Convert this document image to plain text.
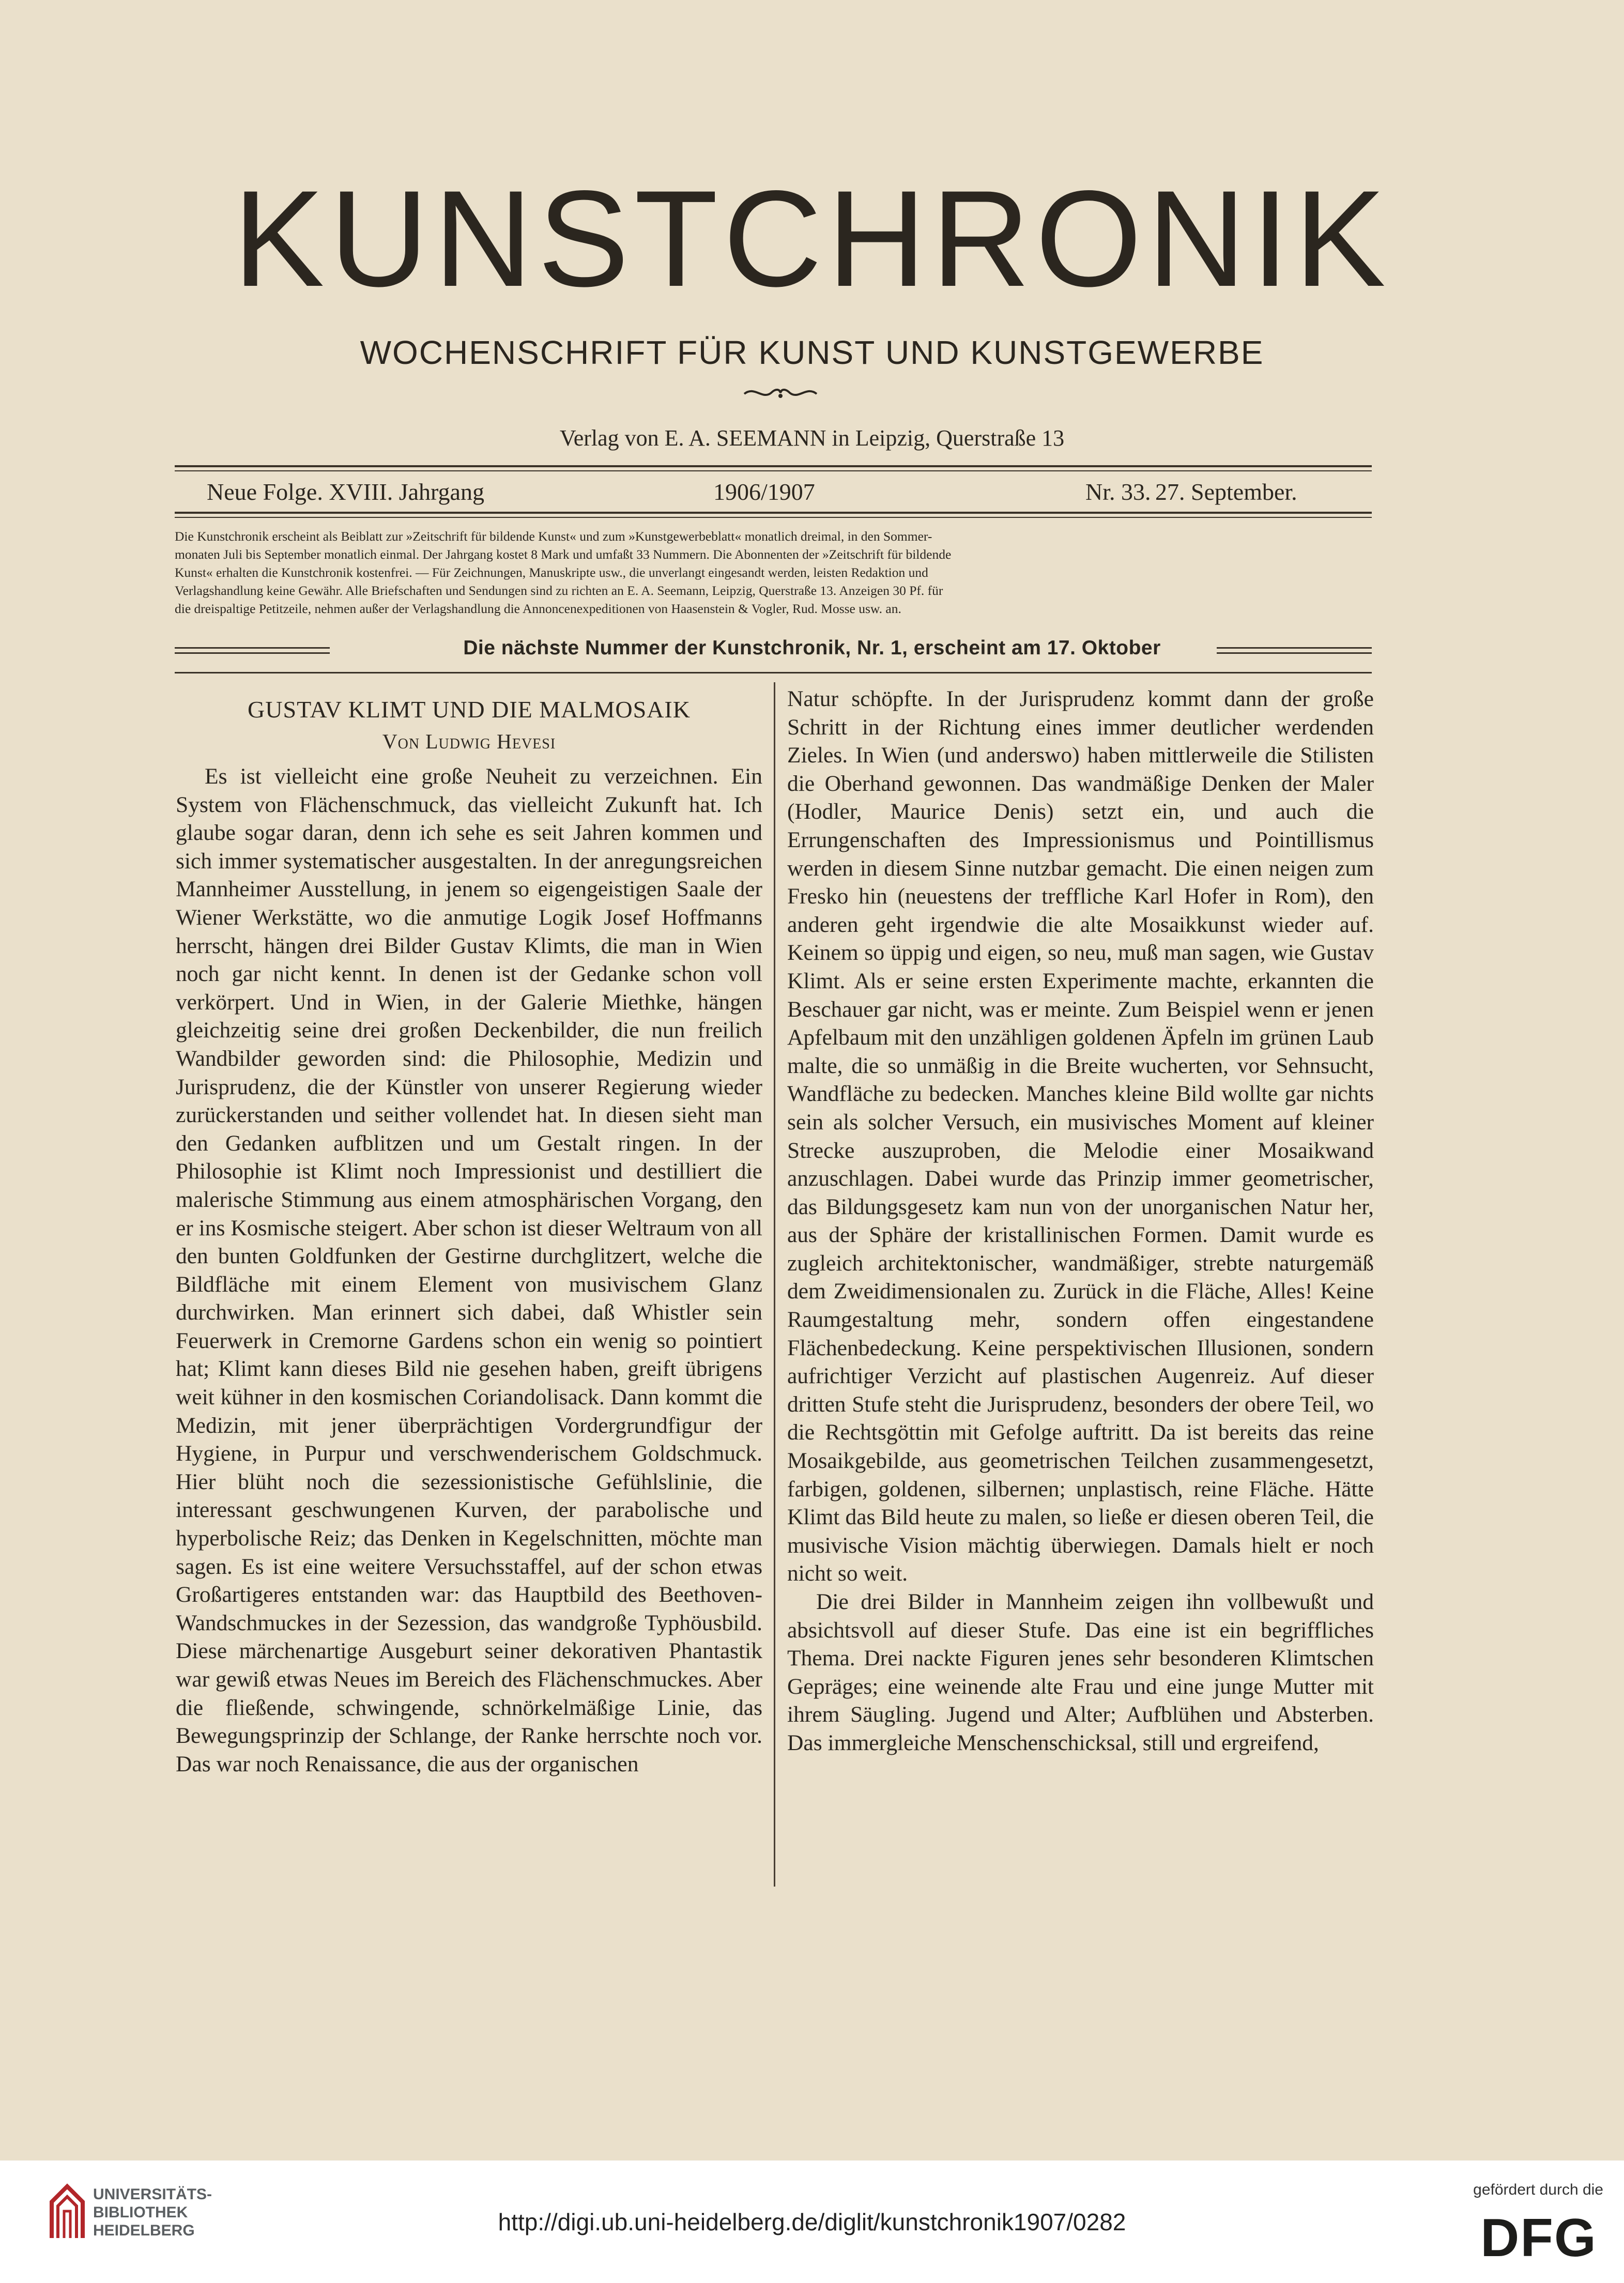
KUNSTCHRONIK
WOCHENSCHRIFT FÜR KUNST UND KUNSTGEWERBE
Verlag von E. A. SEEMANN in Leipzig, Querstraße 13
Neue Folge. XVIII. Jahrgang	1906/1907	Nr. 33. 27. September.

Die Kunstchronik erscheint als Beiblatt zur »Zeitschrift für bildende Kunst« und zum »Kunstgewerbeblatt« monatlich dreimal, in den Sommer-

monaten Juli bis September monatlich einmal. Der Jahrgang kostet 8 Mark und umfaßt 33 Nummern. Die Abonnenten der »Zeitschrift für bildende

Kunst« erhalten die Kunstchronik kostenfrei. — Für Zeichnungen, Manuskripte usw., die unverlangt eingesandt werden, leisten Redaktion und

Verlagshandlung keine Gewähr. Alle Briefschaften und Sendungen sind zu richten an E. A. Seemann, Leipzig, Querstraße 13. Anzeigen 30 Pf. für

die dreispaltige Petitzeile, nehmen außer der Verlagshandlung die Annoncenexpeditionen von Haasenstein & Vogler, Rud. Mosse usw. an.

Die nächste Nummer der Kunstchronik, Nr. 1, erscheint am 17. Oktober

GUSTAV KLIMT UND DIE MALMOSAIK

Von Ludwig Hevesi

Es ist vielleicht eine große Neuheit zu verzeichnen. Ein System von Flächenschmuck, das vielleicht Zukunft hat. Ich glaube sogar daran, denn ich sehe es seit Jahren kommen und sich immer systematischer ausgestalten. In der anregungsreichen Mannheimer Ausstellung, in jenem so eigengeistigen Saale der Wiener Werkstätte, wo die anmutige Logik Josef Hoffmanns herrscht, hängen drei Bilder Gustav Klimts, die man in Wien noch gar nicht kennt. In denen ist der Gedanke schon voll verkörpert. Und in Wien, in der Galerie Miethke, hängen gleichzeitig seine drei großen Deckenbilder, die nun freilich Wandbilder geworden sind: die Philosophie, Medizin und Jurisprudenz, die der Künstler von unserer Regierung wieder zurückerstanden und seither vollendet hat. In diesen sieht man den Gedanken aufblitzen und um Gestalt ringen. In der Philosophie ist Klimt noch Impressionist und destilliert die malerische Stimmung aus einem atmosphärischen Vorgang, den er ins Kosmische steigert. Aber schon ist dieser Weltraum von all den bunten Goldfunken der Gestirne durchglitzert, welche die Bildfläche mit einem Element von musivischem Glanz durchwirken. Man erinnert sich dabei, daß Whistler sein Feuerwerk in Cremorne Gardens schon ein wenig so pointiert hat; Klimt kann dieses Bild nie gesehen haben, greift übrigens weit kühner in den kosmischen Coriandolisack. Dann kommt die Medizin, mit jener überprächtigen Vordergrundfigur der Hygiene, in Purpur und verschwenderischem Goldschmuck. Hier blüht noch die sezessionistische Gefühlslinie, die interessant geschwungenen Kurven, der parabolische und hyperbolische Reiz; das Denken in Kegelschnitten, möchte man sagen. Es ist eine weitere Versuchsstaffel, auf der schon etwas Großartigeres entstanden war: das Hauptbild des Beethoven-Wandschmuckes in der Sezession, das wandgroße Typhöusbild. Diese märchenartige Ausgeburt seiner dekorativen Phantastik war gewiß etwas Neues im Bereich des Flächenschmuckes. Aber die fließende, schwingende, schnörkelmäßige Linie, das Bewegungsprinzip der Schlange, der Ranke herrschte noch vor. Das war noch Renaissance, die aus der organischen

Natur schöpfte. In der Jurisprudenz kommt dann der große Schritt in der Richtung eines immer deutlicher werdenden Zieles. In Wien (und anderswo) haben mittlerweile die Stilisten die Oberhand gewonnen. Das wandmäßige Denken der Maler (Hodler, Maurice Denis) setzt ein, und auch die Errungenschaften des Impressionismus und Pointillismus werden in diesem Sinne nutzbar gemacht. Die einen neigen zum Fresko hin (neuestens der treffliche Karl Hofer in Rom), den anderen geht irgendwie die alte Mosaikkunst wieder auf. Keinem so üppig und eigen, so neu, muß man sagen, wie Gustav Klimt. Als er seine ersten Experimente machte, erkannten die Beschauer gar nicht, was er meinte. Zum Beispiel wenn er jenen Apfelbaum mit den unzähligen goldenen Äpfeln im grünen Laub malte, die so unmäßig in die Breite wucherten, vor Sehnsucht, Wandfläche zu bedecken. Manches kleine Bild wollte gar nichts sein als solcher Versuch, ein musivisches Moment auf kleiner Strecke auszuproben, die Melodie einer Mosaikwand anzuschlagen. Dabei wurde das Prinzip immer geometrischer, das Bildungsgesetz kam nun von der unorganischen Natur her, aus der Sphäre der kristallinischen Formen. Damit wurde es zugleich architektonischer, wandmäßiger, strebte naturgemäß dem Zweidimensionalen zu. Zurück in die Fläche, Alles! Keine Raumgestaltung mehr, sondern offen eingestandene Flächenbedeckung. Keine perspektivischen Illusionen, sondern aufrichtiger Verzicht auf plastischen Augenreiz. Auf dieser dritten Stufe steht die Jurisprudenz, besonders der obere Teil, wo die Rechtsgöttin mit Gefolge auftritt. Da ist bereits das reine Mosaikgebilde, aus geometrischen Teilchen zusammengesetzt, farbigen, goldenen, silbernen; unplastisch, reine Fläche. Hätte Klimt das Bild heute zu malen, so ließe er diesen oberen Teil, die musivische Vision mächtig überwiegen. Damals hielt er noch nicht so weit.

Die drei Bilder in Mannheim zeigen ihn vollbewußt und absichtsvoll auf dieser Stufe. Das eine ist ein begriffliches Thema. Drei nackte Figuren jenes sehr besonderen Klimtschen Gepräges; eine weinende alte Frau und eine junge Mutter mit ihrem Säugling. Jugend und Alter; Aufblühen und Absterben. Das immergleiche Menschenschicksal, still und ergreifend,

UNIVERSITÄTS-
BIBLIOTHEK
HEIDELBERG	http://digi.ub.uni-heidelberg.de/diglit/kunstchronik1907/0282
gefördert durch die
DFG
